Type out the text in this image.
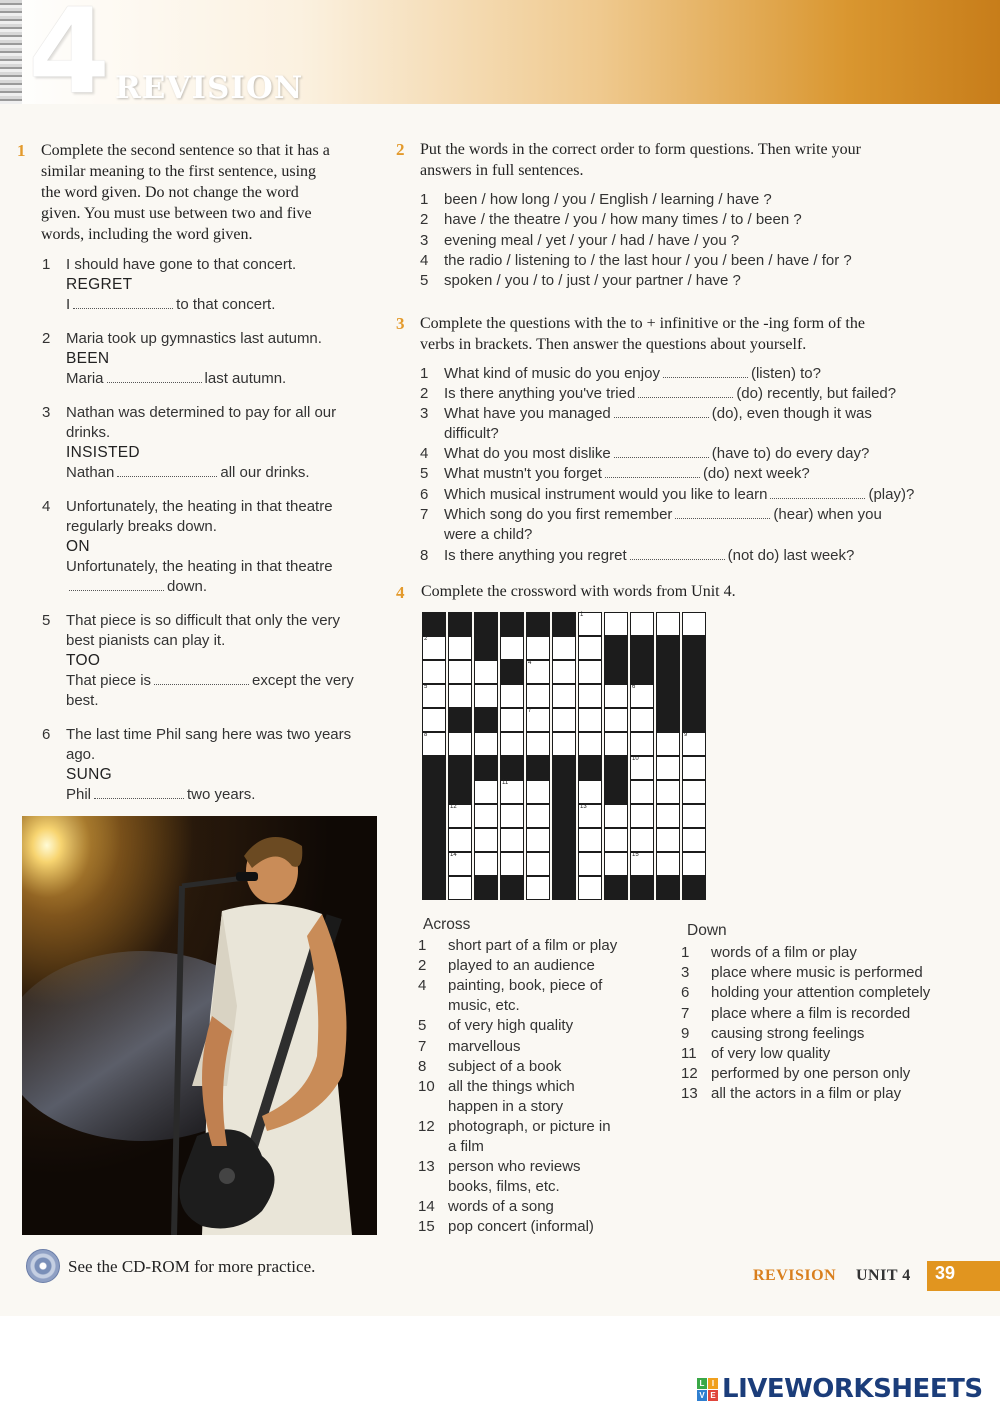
4 REVISION
1 Complete the second sentence so that it has a
similar meaning to the first sentence, using
the word given. Do not change the word
given. You must use between two and five
words, including the word given.
1	I should have gone to that concert.
REGRET
I	to that concert.
2	Maria took up gymnastics last autumn.
BEEN
Maria	last autumn.
3	Nathan was determined to pay for all our
drinks.
INSISTED
Nathan	all our drinks.
4	Unfortunately, the heating in that theatre
regularly breaks down.
ON
Unfortunately, the heating in that theatre
down.
5	That piece is so difficult that only the very
best pianists can play it.
TOO
That piece is	except the very
best.
6	The last time Phil sang here was two years
ago.
SUNG
Phil	two years.
2 Put the words in the correct order to form questions. Then write your
answers in full sentences.
1	been / how long / you / English / learning / have ?
2	have / the theatre / you / how many times / to / been ?
3	evening meal / yet / your / had / have / you ?
4	the radio / listening to / the last hour / you / been / have / for ?
5	spoken / you / to / just / your partner / have ?
3 Complete the questions with the to + infinitive or the -ing form of the
verbs in brackets. Then answer the questions about yourself.
1	What kind of music do you enjoy	(listen) to?
2	Is there anything you've tried	(do) recently, but failed?
3	What have you managed	(do), even though it was
difficult?
4	What do you most dislike	(have to) do every day?
5	What mustn't you forget	(do) next week?
6	Which musical instrument would you like to learn	(play)?
7	Which song do you first remember	(hear) when you
were a child?
8	Is there anything you regret	(not do) last week?
4 Complete the crossword with words from Unit 4.
1
2	3
4
5	6
7
8	9
10
11
12	13
14	15
Across
1 short part of a film or play
2 played to an audience
4 painting, book, piece of
music, etc.
5 of very high quality
7 marvellous
8 subject of a book
10 all the things which
happen in a story
12 photograph, or picture in
a film
13 person who reviews
books, films, etc.
14 words of a song
15 pop concert (informal)
Down
1 words of a film or play
3 place where music is performed
6 holding your attention completely
7 place where a film is recorded
9 causing strong feelings
11 of very low quality
12 performed by one person only
13 all the actors in a film or play
See the CD-ROM for more practice.	REVISION UNIT 4 39
L I
V E LIVEWORKSHEETS
